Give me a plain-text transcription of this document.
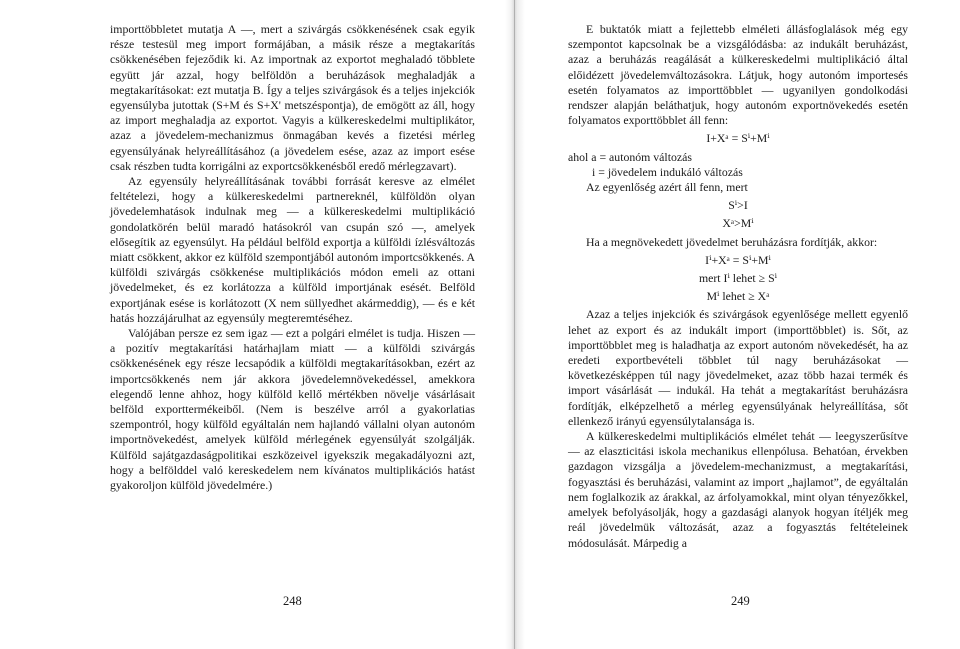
importtöbbletet mutatja A —, mert a szivárgás csökkenésének csak egyik része testesül meg import formájában, a másik része a megtakarítás csökkenésében fejeződik ki. Az importnak az exportot meghaladó többlete együtt jár azzal, hogy belföldön a beruházások meghaladják a megtakarításokat: ezt mutatja B. Így a teljes szivárgások és a teljes injekciók egyensúlyba jutottak (S+M és S+X' metszéspontja), de emögött az áll, hogy az import meghaladja az exportot. Vagyis a külkereskedelmi multiplikátor, azaz a jövedelem-mechanizmus önmagában kevés a fizetési mérleg egyensúlyának helyreállításához (a jövedelem esése, azaz az import esése csak részben tudta korrigálni az exportcsökkenésből eredő mérlegzavart).

Az egyensúly helyreállításának további forrását keresve az elmélet feltételezi, hogy a külkereskedelmi partnereknél, külföldön olyan jövedelemhatások indulnak meg — a külkereskedelmi multiplikáció gondolatkörén belül maradó hatásokról van csupán szó —, amelyek elősegítik az egyensúlyt. Ha például belföld exportja a külföldi ízlésváltozás miatt csökkent, akkor ez külföld szempontjából autonóm importcsökkenés. A külföldi szivárgás csökkenése multiplikációs módon emeli az ottani jövedelmeket, és ez korlátozza a külföld importjának esését. Belföld exportjának esése is korlátozott (X nem süllyedhet akármeddig), — és e két hatás hozzájárulhat az egyensúly megteremtéséhez.

Valójában persze ez sem igaz — ezt a polgári elmélet is tudja. Hiszen — a pozitív megtakarítási határhajlam miatt — a külföldi szivárgás csökkenésének egy része lecsapódik a külföldi megtakarításokban, ezért az importcsökkenés nem jár akkora jövedelemnövekedéssel, amekkora elegendő lenne ahhoz, hogy külföld kellő mértékben növelje vásárlásait belföld exporttermékeiből. (Nem is beszélve arról a gyakorlatias szempontról, hogy külföld egyáltalán nem hajlandó vállalni olyan autonóm importnövekedést, amelyek külföld mérlegének egyensúlyát szolgálják. Külföld sajátgazdaságpolitikai eszközeivel igyekszik megakadályozni azt, hogy a belfölddel való kereskedelem nem kívánatos multiplikációs hatást gyakoroljon külföld jövedelmére.)

E buktatók miatt a fejlettebb elméleti állásfoglalások még egy szempontot kapcsolnak be a vizsgálódásba: az indukált beruházást, azaz a beruházás reagálását a külkereskedelmi multiplikáció által előidézett jövedelemváltozásokra. Látjuk, hogy autonóm importesés esetén folyamatos az importtöbblet — ugyanilyen gondolkodási rendszer alapján beláthatjuk, hogy autonóm exportnövekedés esetén folyamatos exporttöbblet áll fenn:

I+Xᵃ = Sⁱ+Mⁱ

ahol a = autonóm változás

i = jövedelem indukáló változás

Az egyenlőség azért áll fenn, mert

Sⁱ>I

Xᵃ>Mⁱ

Ha a megnövekedett jövedelmet beruházásra fordítják, akkor:

Iⁱ+Xᵃ = Sⁱ+Mⁱ

mert Iⁱ lehet ≥ Sⁱ

Mⁱ lehet ≥ Xᵃ

Azaz a teljes injekciók és szivárgások egyenlősége mellett egyenlő lehet az export és az indukált import (importtöbblet) is. Sőt, az importtöbblet meg is haladhatja az export autonóm növekedését, ha az eredeti exportbevételi többlet túl nagy beruházásokat — következésképpen túl nagy jövedelmeket, azaz több hazai termék és import vásárlását — indukál. Ha tehát a megtakarítást beruházásra fordítják, elképzelhető a mérleg egyensúlyának helyreállítása, sőt ellenkező irányú egyensúlytalansága is.

A külkereskedelmi multiplikációs elmélet tehát — leegyszerűsítve — az elaszticitási iskola mechanikus ellenpólusa. Behatóan, érvekben gazdagon vizsgálja a jövedelem-mechanizmust, a megtakarítási, fogyasztási és beruházási, valamint az import „hajlamot”, de egyáltalán nem foglalkozik az árakkal, az árfolyamokkal, mint olyan tényezőkkel, amelyek befolyásolják, hogy a gazdasági alanyok hogyan ítéljék meg reál jövedelmük változását, azaz a fogyasztás feltételeinek módosulását. Márpedig a

248	249
